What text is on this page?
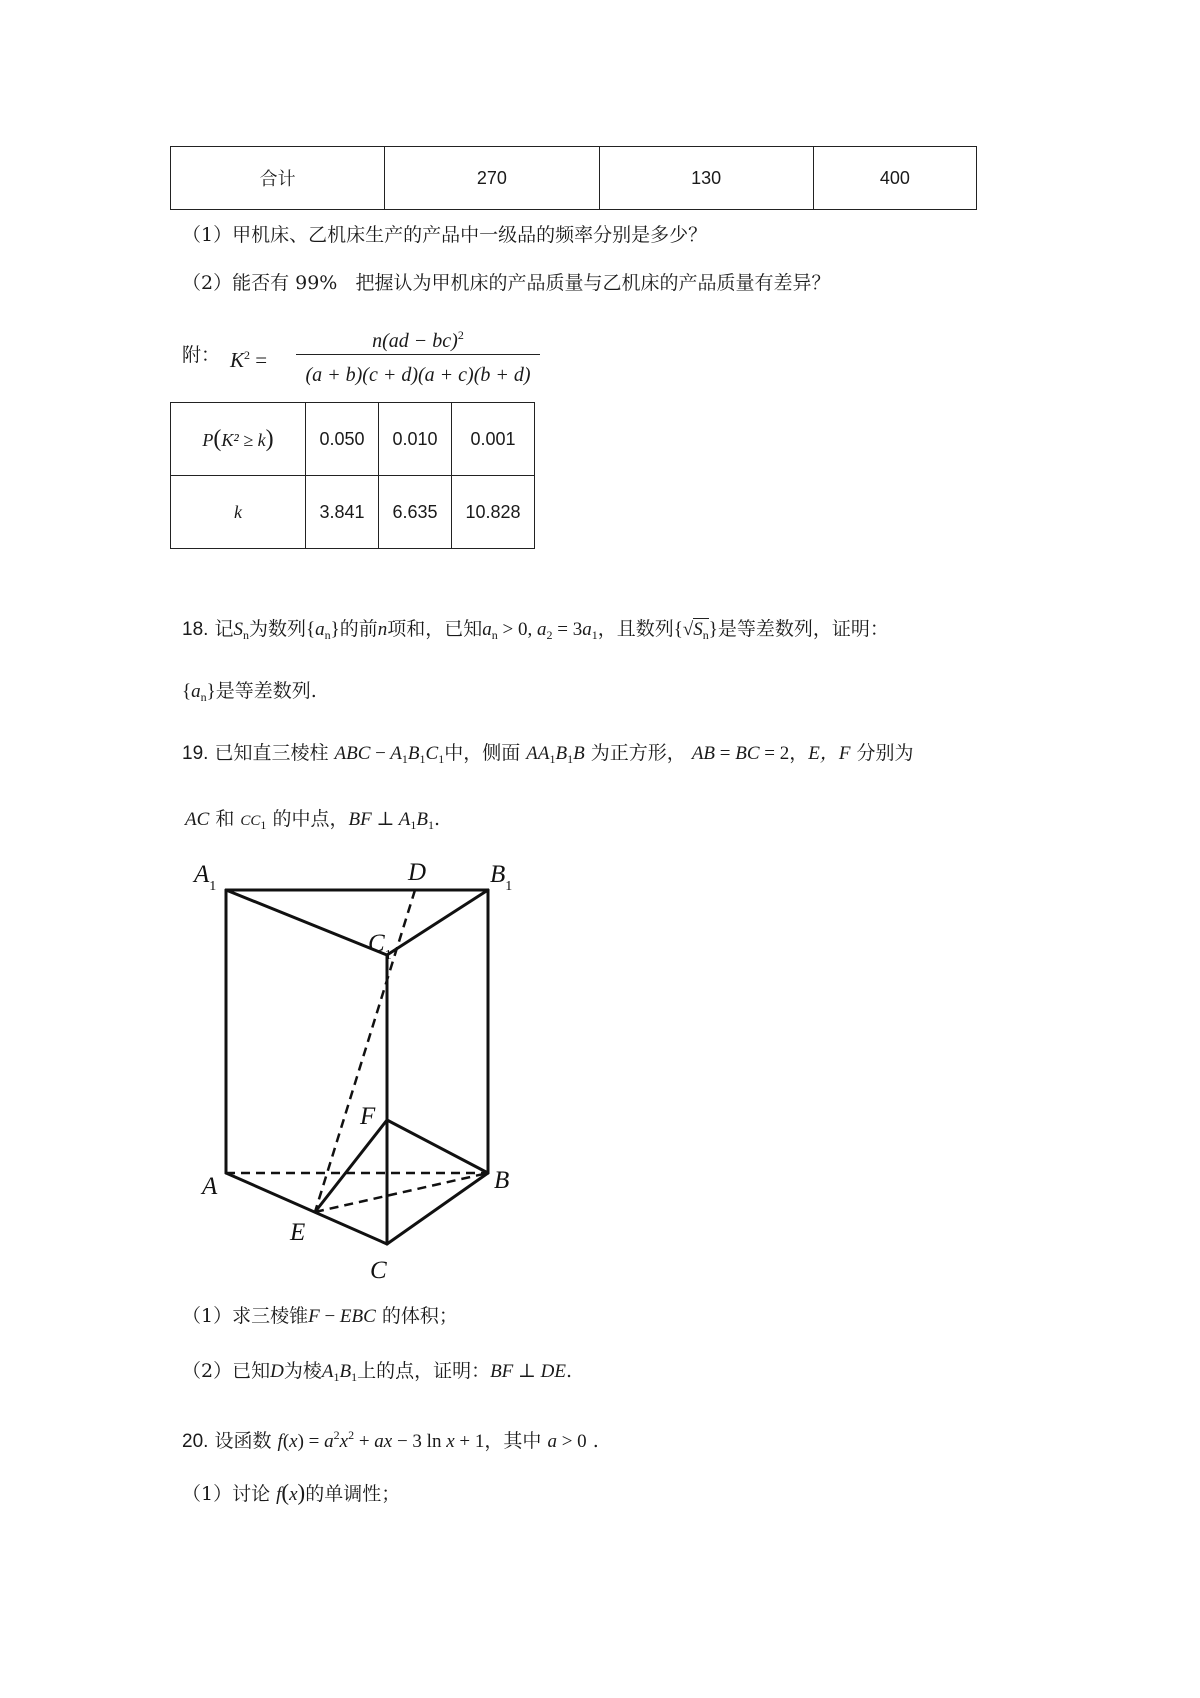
合计	270	130	400
（1）甲机床、乙机床生产的产品中一级品的频率分别是多少？
（2）能否有 99% 把握认为甲机床的产品质量与乙机床的产品质量有差异？
附： $K^2$ =
n(ad − bc)$^2$
(a + b)(c + d)(a + c)(b + d)
P(K² ≥ k)	0.050	0.010	0.001
k	3.841	6.635	10.828
18. 记$S_n$为数列$\{a_n\}$的前n项和，已知$a_n > 0$, $a_2 = 3a_1$，且数列$\{√S_n\}$是等差数列，证明：
$\{a_n\}$是等差数列.
19. 已知直三棱柱 ABC − $A_1B_1C_1$中，侧面 $AA_1B_1B$ 为正方形， AB = BC = 2，E，F 分别为
AC 和 $CC_1$ 的中点，BF ⊥ $A_1B_1$.
$A_1$	$B_1$
D
$C_1$
F
A	B
E
C
（1）求三棱锥F − EBC 的体积；
（2）已知D为棱$A_1B_1$上的点，证明：BF ⊥ DE.
20. 设函数 $f(x) = a^2x^2$ + ax − 3 ln x + 1，其中 a > 0 .
（1）讨论 f(x)的单调性；
